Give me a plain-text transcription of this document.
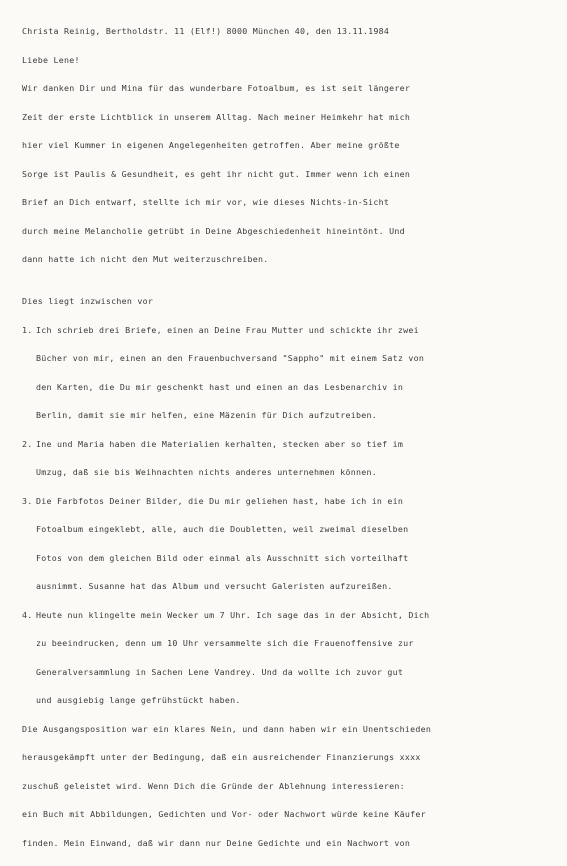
Christa Reinig, Bertholdstr. 11 (Elf!) 8000 München 40, den 13.11.1984
Liebe Lene!
Wir danken Dir und Mina für das wunderbare Fotoalbum, es ist seit längerer
Zeit der erste Lichtblick in unserem Alltag. Nach meiner Heimkehr hat mich
hier viel Kummer in eigenen Angelegenheiten getroffen. Aber meine größte
Sorge ist Paulis & Gesundheit, es geht ihr nicht gut. Immer wenn ich einen
Brief an Dich entwarf, stellte ich mir vor, wie dieses Nichts-in-Sicht
durch meine Melancholie getrübt in Deine Abgeschiedenheit hineintönt. Und
dann hatte ich nicht den Mut weiterzuschreiben.
Dies liegt inzwischen vor
1. Ich schrieb drei Briefe, einen an Deine Frau Mutter und schickte ihr zwei
Bücher von mir, einen an den Frauenbuchversand "Sappho" mit einem Satz von
den Karten, die Du mir geschenkt hast und einen an das Lesbenarchiv in
Berlin, damit sie mir helfen, eine Mäzenin für Dich aufzutreiben.
2. Ine und Maria haben die Materialien kerhalten, stecken aber so tief im
Umzug, daß sie bis Weihnachten nichts anderes unternehmen können.
3. Die Farbfotos Deiner Bilder, die Du mir geliehen hast, habe ich in ein
Fotoalbum eingeklebt, alle, auch die Doubletten, weil zweimal dieselben
Fotos von dem gleichen Bild oder einmal als Ausschnitt sich vorteilhaft
ausnimmt. Susanne hat das Album und versucht Galeristen aufzureißen.
4. Heute nun klingelte mein Wecker um 7 Uhr. Ich sage das in der Absicht, Dich
zu beeindrucken, denn um 10 Uhr versammelte sich die Frauenoffensive zur
Generalversammlung in Sachen Lene Vandrey. Und da wollte ich zuvor gut
und ausgiebig lange gefrühstückt haben.
Die Ausgangsposition war ein klares Nein, und dann haben wir ein Unentschieden
herausgekämpft unter der Bedingung, daß ein ausreichender Finanzierungs xxxx
zuschuß geleistet wird. Wenn Dich die Gründe der Ablehnung interessieren:
ein Buch mit Abbildungen, Gedichten und Vor- oder Nachwort würde keine Käufer
finden. Mein Einwand, daß wir dann nur Deine Gedichte und ein Nachwort von
